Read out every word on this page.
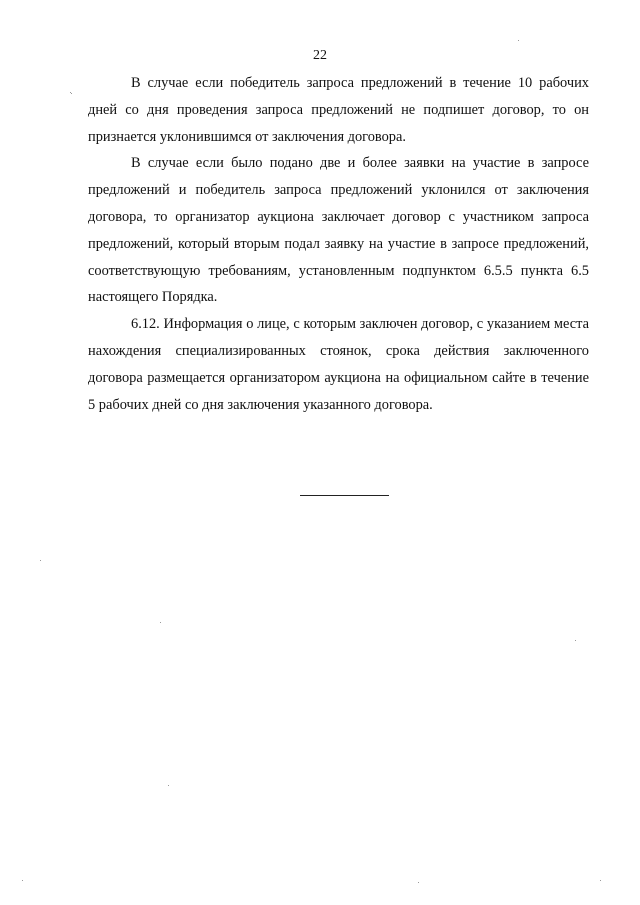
22

В случае если победитель запроса предложений в течение 10 рабочих дней со дня проведения запроса предложений не подпишет договор, то он признается уклонившимся от заключения договора.

В случае если было подано две и более заявки на участие в запросе предложений и победитель запроса предложений уклонился от заключения договора, то организатор аукциона заключает договор с участником запроса предложений, который вторым подал заявку на участие в запросе предложений, соответствующую требованиям, установленным подпунктом 6.5.5 пункта 6.5 настоящего Порядка.

6.12. Информация о лице, с которым заключен договор, с указанием места нахождения специализированных стоянок, срока действия заключенного договора размещается организатором аукциона на официальном сайте в течение 5 рабочих дней со дня заключения указанного договора.
